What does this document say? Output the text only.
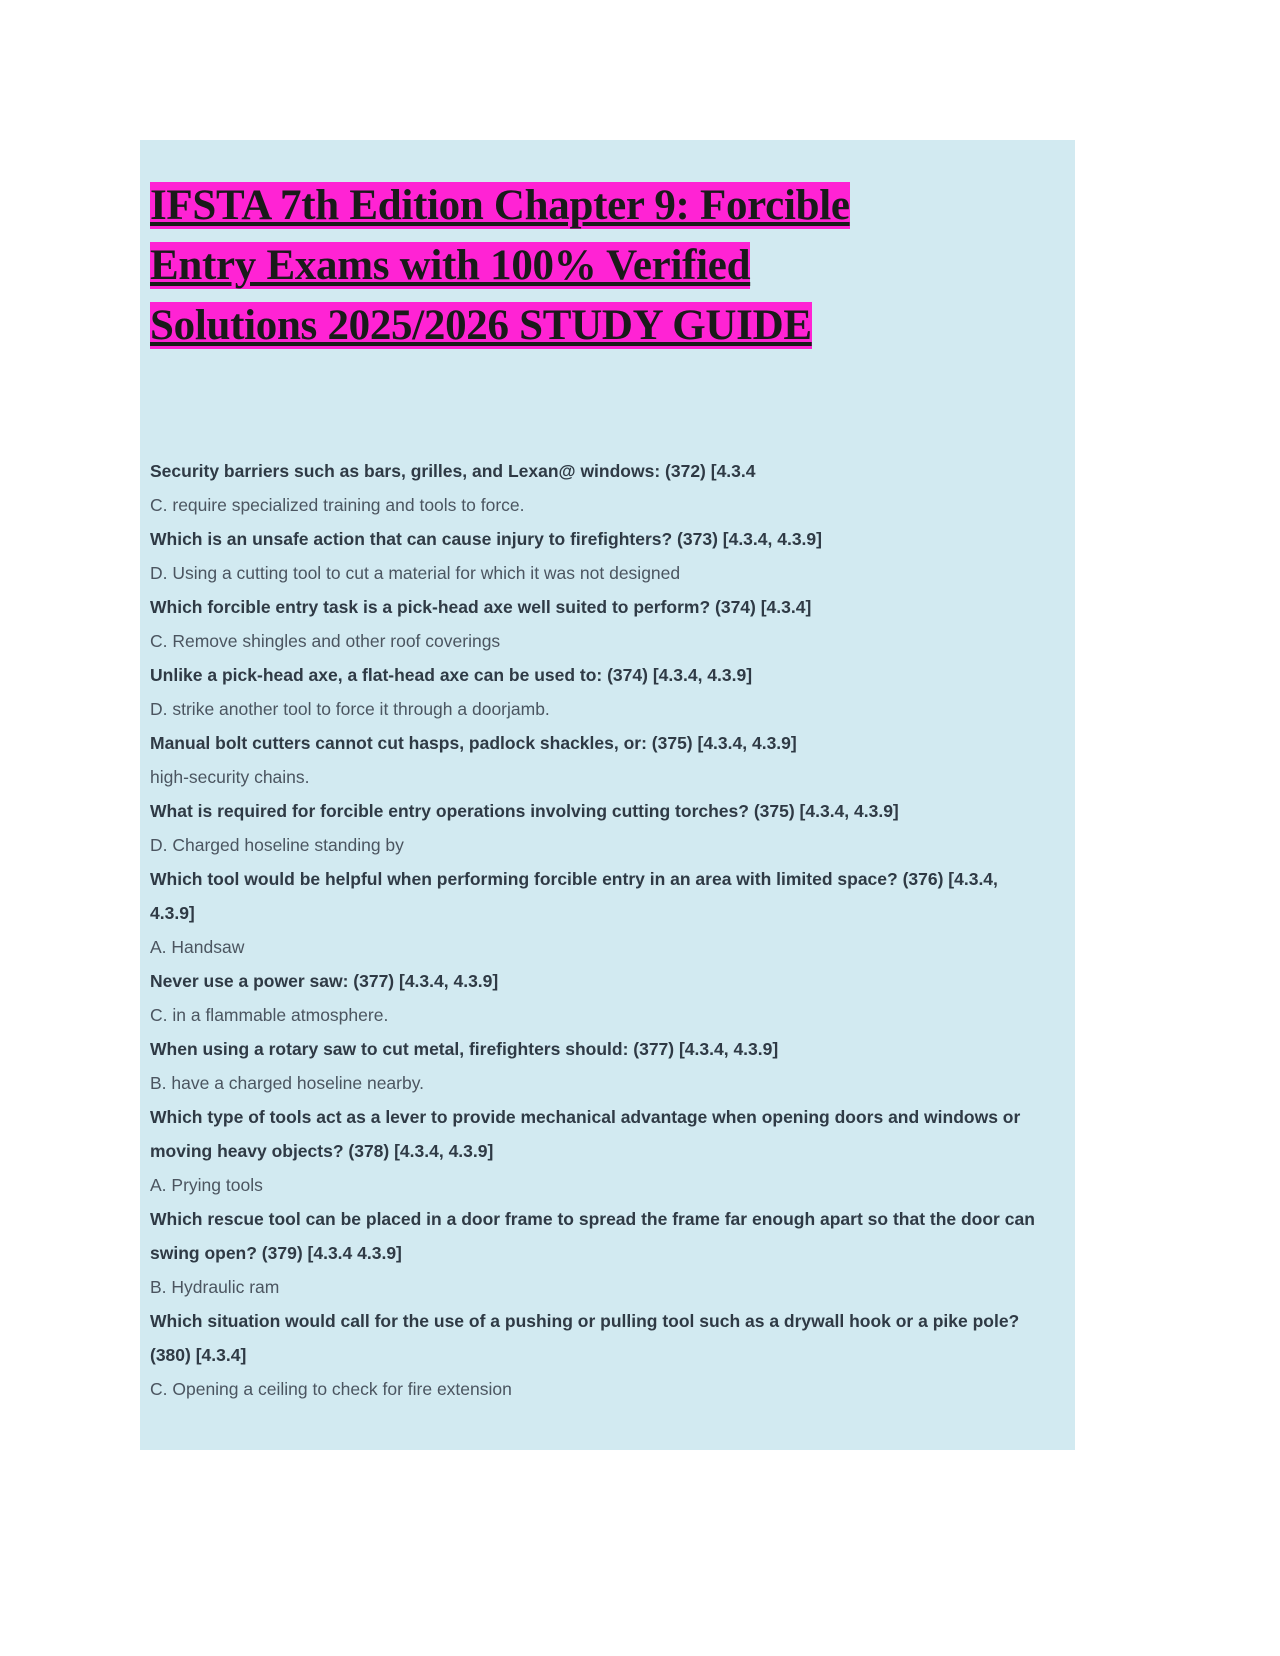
IFSTA 7th Edition Chapter 9: Forcible
Entry Exams with 100% Verified
Solutions 2025/2026 STUDY GUIDE

Security barriers such as bars, grilles, and Lexan@ windows: (372) [4.3.4

C. require specialized training and tools to force.

Which is an unsafe action that can cause injury to firefighters? (373) [4.3.4, 4.3.9]

D. Using a cutting tool to cut a material for which it was not designed

Which forcible entry task is a pick-head axe well suited to perform? (374) [4.3.4]

C. Remove shingles and other roof coverings

Unlike a pick-head axe, a flat-head axe can be used to: (374) [4.3.4, 4.3.9]

D. strike another tool to force it through a doorjamb.

Manual bolt cutters cannot cut hasps, padlock shackles, or: (375) [4.3.4, 4.3.9]

high-security chains.

What is required for forcible entry operations involving cutting torches? (375) [4.3.4, 4.3.9]

D. Charged hoseline standing by

Which tool would be helpful when performing forcible entry in an area with limited space? (376) [4.3.4, 4.3.9]

A. Handsaw

Never use a power saw: (377) [4.3.4, 4.3.9]

C. in a flammable atmosphere.

When using a rotary saw to cut metal, firefighters should: (377) [4.3.4, 4.3.9]

B. have a charged hoseline nearby.

Which type of tools act as a lever to provide mechanical advantage when opening doors and windows or moving heavy objects? (378) [4.3.4, 4.3.9]

A. Prying tools

Which rescue tool can be placed in a door frame to spread the frame far enough apart so that the door can swing open? (379) [4.3.4 4.3.9]

B. Hydraulic ram

Which situation would call for the use of a pushing or pulling tool such as a drywall hook or a pike pole? (380) [4.3.4]

C. Opening a ceiling to check for fire extension
